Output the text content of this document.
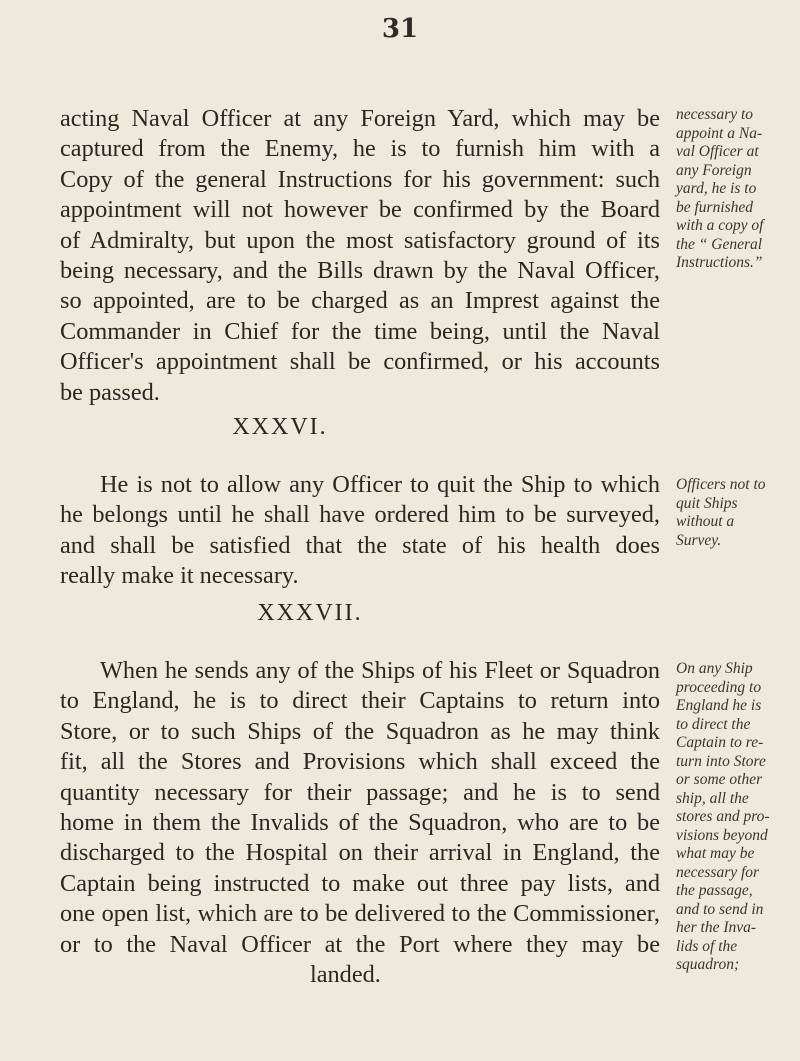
31
acting Naval Officer at any Foreign Yard, which may be
captured from the Enemy, he is to furnish him with a
Copy of the general Instructions for his government: such
appointment will not however be confirmed by the Board
of Admiralty, but upon the most satisfactory ground of its
being necessary, and the Bills drawn by the Naval Officer,
so appointed, are to be charged as an Imprest against the
Commander in Chief for the time being, until the Naval
Officer's appointment shall be confirmed, or his accounts
be passed.
necessary to
appoint a Na-
val Officer at
any Foreign
yard, he is to
be furnished
with a copy of
the “ General
Instructions.”
XXXVI.
He is not to allow any Officer to quit the Ship to which
he belongs until he shall have ordered him to be surveyed,
and shall be satisfied that the state of his health does
really make it necessary.
Officers not to
quit Ships
without a
Survey.
XXXVII.
When he sends any of the Ships of his Fleet or Squadron
to England, he is to direct their Captains to return into
Store, or to such Ships of the Squadron as he may think
fit, all the Stores and Provisions which shall exceed the
quantity necessary for their passage; and he is to send
home in them the Invalids of the Squadron, who are to be
discharged to the Hospital on their arrival in England, the
Captain being instructed to make out three pay lists, and
one open list, which are to be delivered to the Commissioner,
or to the Naval Officer at the Port where they may be
landed.
On any Ship
proceeding to
England he is
to direct the
Captain to re-
turn into Store
or some other
ship, all the
stores and pro-
visions beyond
what may be
necessary for
the passage,
and to send in
her the Inva-
lids of the
squadron;
